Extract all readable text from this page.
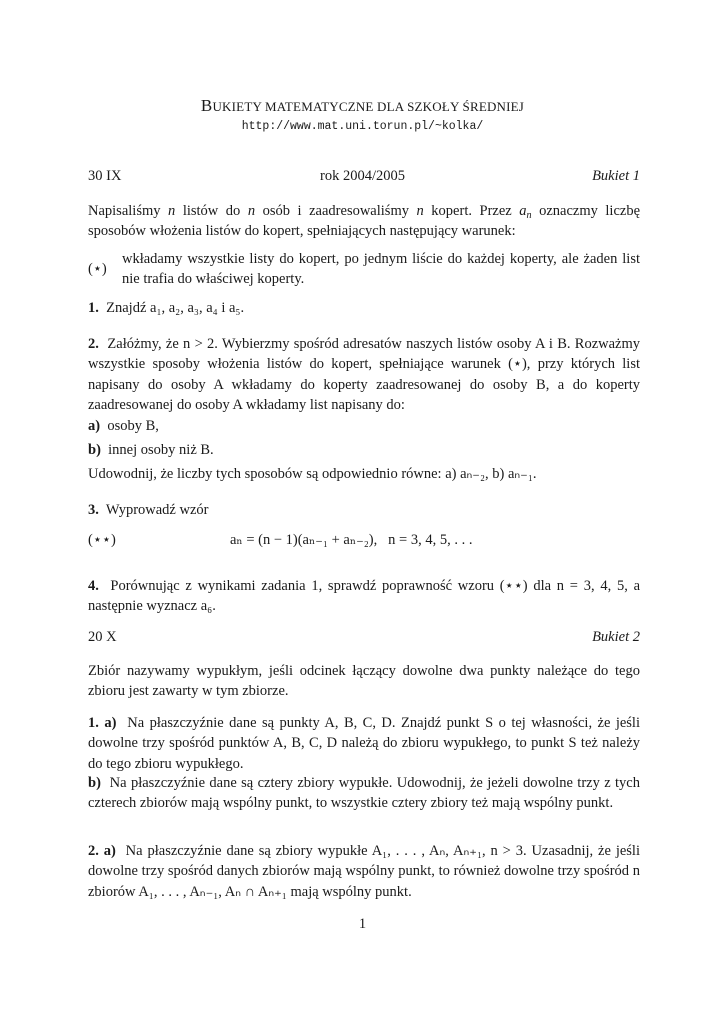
BUKIETY MATEMATYCZNE DLA SZKOŁY ŚREDNIEJ
http://www.mat.uni.torun.pl/~kolka/
30 IX	rok 2004/2005	Bukiet 1

Napisaliśmy n listów do n osób i zaadresowaliśmy n kopert. Przez $a_n$ oznaczmy liczbę sposobów włożenia listów do kopert, spełniających następujący warunek:

(⋆)
wkładamy wszystkie listy do kopert, po jednym liście do każdej koperty, ale żaden list nie trafia do właściwej koperty.

1. Znajdź a₁, a₂, a₃, a₄ i a₅.

2. Załóżmy, że n > 2. Wybierzmy spośród adresatów naszych listów osoby A i B. Rozważmy wszystkie sposoby włożenia listów do kopert, spełniające warunek (⋆), przy których list napisany do osoby A wkładamy do koperty zaadresowanej do osoby B, a do koperty zaadresowanej do osoby A wkładamy list napisany do:

a) osoby B,

b) innej osoby niż B.

Udowodnij, że liczby tych sposobów są odpowiednio równe: a) aₙ₋₂, b) aₙ₋₁.

3. Wyprowadź wzór

(⋆⋆)	aₙ = (n − 1)(aₙ₋₁ + aₙ₋₂),   n = 3, 4, 5, . . .

4. Porównując z wynikami zadania 1, sprawdź poprawność wzoru (⋆⋆) dla n = 3, 4, 5, a następnie wyznacz a₆.

20 X	Bukiet 2
Zbiór nazywamy wypukłym, jeśli odcinek łączący dowolne dwa punkty należące do tego zbioru jest zawarty w tym zbiorze.

1. a) Na płaszczyźnie dane są punkty A, B, C, D. Znajdź punkt S o tej własności, że jeśli dowolne trzy spośród punktów A, B, C, D należą do zbioru wypukłego, to punkt S też należy do tego zbioru wypukłego.

b) Na płaszczyźnie dane są cztery zbiory wypukłe. Udowodnij, że jeżeli dowolne trzy z tych czterech zbiorów mają wspólny punkt, to wszystkie cztery zbiory też mają wspólny punkt.

2. a) Na płaszczyźnie dane są zbiory wypukłe A₁, . . . , Aₙ, Aₙ₊₁, n > 3. Uzasadnij, że jeśli dowolne trzy spośród danych zbiorów mają wspólny punkt, to również dowolne trzy spośród n zbiorów A₁, . . . , Aₙ₋₁, Aₙ ∩ Aₙ₊₁ mają wspólny punkt.

1
